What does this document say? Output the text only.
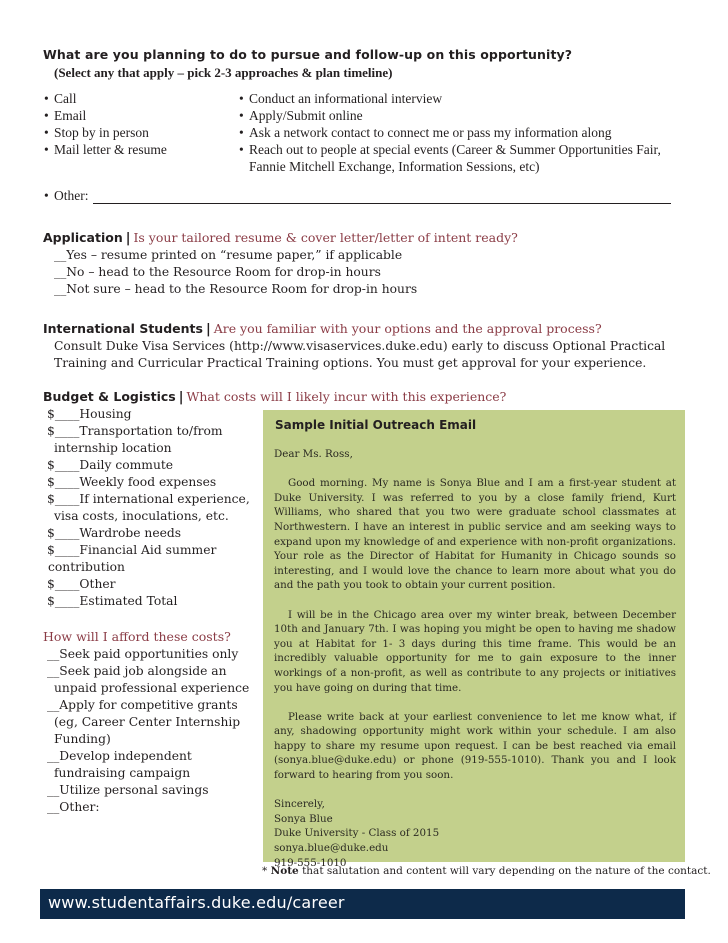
What are you planning to do to pursue and follow-up on this opportunity?
(Select any that apply – pick 2-3 approaches & plan timeline)
• Call
• Email
• Stop by in person
• Mail letter & resume
• Conduct an informational interview
• Apply/Submit online
• Ask a network contact to connect me or pass my information along
• Reach out to people at special events (Career & Summer Opportunities Fair,
Fannie Mitchell Exchange, Information Sessions, etc)
• Other:
Application | Is your tailored resume & cover letter/letter of intent ready?
__Yes – resume printed on “resume paper,” if applicable
__No – head to the Resource Room for drop-in hours
__Not sure – head to the Resource Room for drop-in hours
International Students | Are you familiar with your options and the approval process?
Consult Duke Visa Services (http://www.visaservices.duke.edu) early to discuss Optional Practical
Training and Curricular Practical Training options. You must get approval for your experience.
Budget & Logistics | What costs will I likely incur with this experience?
$____Housing
$____Transportation to/from
internship location
$____Daily commute
$____Weekly food expenses
$____If international experience,
visa costs, inoculations, etc.
$____Wardrobe needs
$____Financial Aid summer
contribution
$____Other
$____Estimated Total
How will I afford these costs?
__Seek paid opportunities only
__Seek paid job alongside an
unpaid professional experience
__Apply for competitive grants
(eg, Career Center Internship
Funding)
__Develop independent
fundraising campaign
__Utilize personal savings
__Other:
Sample Initial Outreach Email

Dear Ms. Ross,

Good morning. My name is Sonya Blue and I am a first-year student at Duke University. I was referred to you by a close family friend, Kurt Williams, who shared that you two were graduate school classmates at Northwestern. I have an interest in public service and am seeking ways to expand upon my knowledge of and experience with non-profit organizations. Your role as the Director of Habitat for Humanity in Chicago sounds so interesting, and I would love the chance to learn more about what you do and the path you took to obtain your current position.

I will be in the Chicago area over my winter break, between December 10th and January 7th. I was hoping you might be open to having me shadow you at Habitat for 1- 3 days during this time frame. This would be an incredibly valuable opportunity for me to gain exposure to the inner workings of a non-profit, as well as contribute to any projects or initiatives you have going on during that time.

Please write back at your earliest convenience to let me know what, if any, shadowing opportunity might work within your schedule. I am also happy to share my resume upon request. I can be best reached via email (sonya.blue@duke.edu) or phone (919-555-1010). Thank you and I look forward to hearing from you soon.

Sincerely,

Sonya Blue

Duke University - Class of 2015

sonya.blue@duke.edu

919-555-1010

* Note that salutation and content will vary depending on the nature of the contact.
www.studentaffairs.duke.edu/career
